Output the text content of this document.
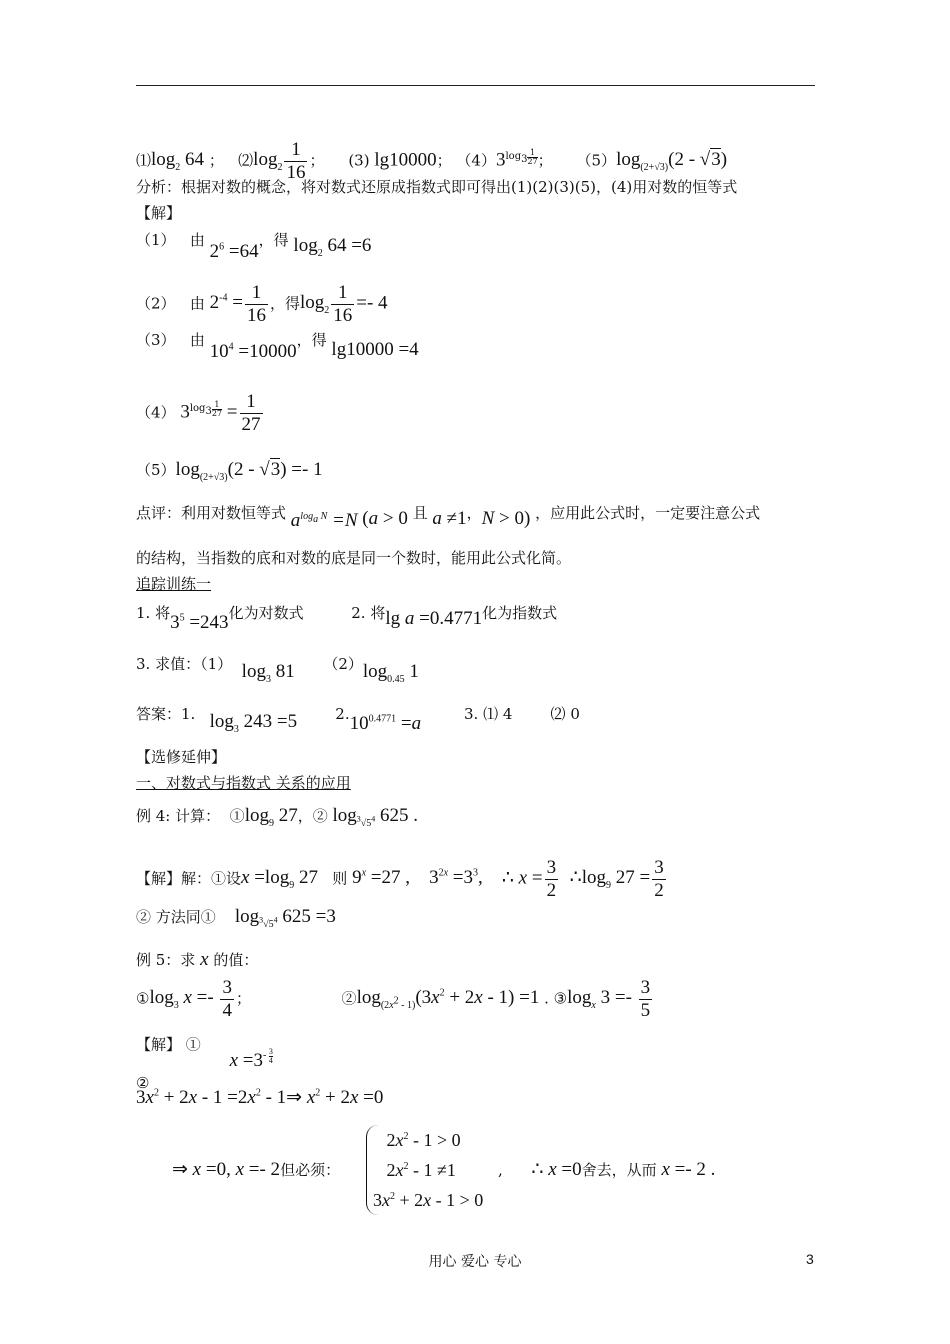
$⑴\log_2$ 64 ； $⑵\log_2 \frac{1}{16}$ ； (3) lg10000； $(4)3^{log_3 \frac{1}{27}}$ ； $(5)\log_{(2+√3)}(2 - √3)$
分析：根据对数的概念，将对数式还原成指数式即可得出(1)(2)(3)(5)，(4)用对数的恒等式
【解】
（1） 由 $2^6 =64$，得 $\log_2 64 =6$
（2） 由 $2^{-4} = \frac{1}{16}$ ，得$\log_2 \frac{1}{16} =- 4$
（3） 由 $10^4 =10000$，得 lg10000 =4
（4） $3^{log_3 \frac{1}{27}} = \frac{1}{27}$
$(5)\log_{(2+√3)}(2 - √3) =- 1$
点评：利用对数恒等式 $a^{log_a N} =N$ (a > 0 且 a ≠1，N > 0) ，应用此公式时，一定要注意公式
的结构，当指数的底和对数的底是同一个数时，能用此公式化简。
追踪训练一
1. 将$3^5 =243$化为对数式	2. 将lg a =0.4771化为指数式
3. 求值：（1） $\log_3 81$ $(2)\log_{0.45}$ 1
答案：1. $\log_3 243 =5$	$2.10^{0.4771} =a$	3. ⑴ 4	⑵ 0
【选修延伸】
一、对数式与指数式 关系的应用
例 4: 计算：  $①\log_9$ 27，② $\log_{^3√5^4} 625$ .
【解】解：①设$x =\log_9$ 27 则 $9^x =27$ , $3^{2x} =3^3$, ∴ $x = \frac{3}{2}$ $\therefore\log_9$ $27 = \frac{3}{2}$
② 方法同① $\log_{^3√5^4} 625 =3$
例 5：求 x 的值：
$①\log_3$ $x =- \frac{3}{4}$ ；                   $②\log_{(2x^2 - 1)}(3x^2 + 2x - 1) =1$ . $③\log_x$ $3 =- \frac{3}{5}$
【解】 ① $x =3^{- \frac{3}{4}}$
②
$3x^2 + 2x - 1 =2x^2$ - 1⇒ $x^2 + 2x =0$
⇒ x =0, x =- 2但必须：
$2x^2 - 1 > 0$
$2x^2 - 1 \ne 1$
$3x^2 + 2x - 1 > 0$
,      ∴ x =0舍去，从而 x =- 2 .
用心 爱心 专心	3
